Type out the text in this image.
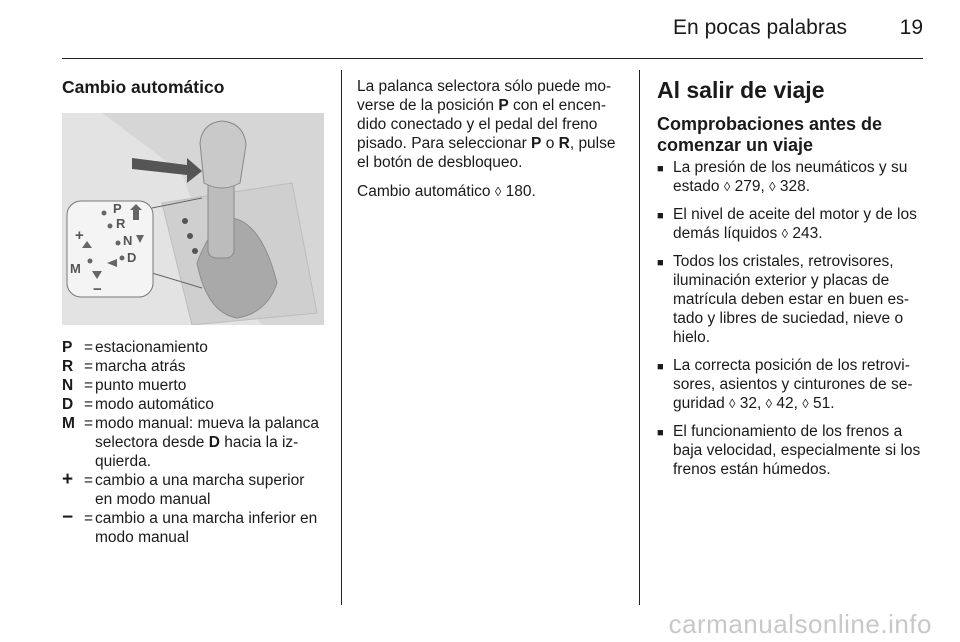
En pocas palabras	19
Cambio automático
P
R
N
D
M
+
−
P = estacionamiento
R = marcha atrás
N = punto muerto
D = modo automático
M = modo manual: mueva la palanca selectora desde D hacia la iz-quierda.
+ = cambio a una marcha superior en modo manual
− = cambio a una marcha inferior en modo manual

La palanca selectora sólo puede mo-verse de la posición P con el encen-dido conectado y el pedal del freno pisado. Para seleccionar P o R, pulse el botón de desbloqueo.

Cambio automático ◊ 180.

Al salir de viaje
Comprobaciones antes de comenzar un viaje
■ La presión de los neumáticos y su estado ◊ 279, ◊ 328.
■ El nivel de aceite del motor y de los demás líquidos ◊ 243.
■ Todos los cristales, retrovisores, iluminación exterior y placas de matrícula deben estar en buen es-tado y libres de suciedad, nieve o hielo.
■ La correcta posición de los retrovi-sores, asientos y cinturones de se-guridad ◊ 32, ◊ 42, ◊ 51.
■ El funcionamiento de los frenos a baja velocidad, especialmente si los frenos están húmedos.
carmanualsonline.info
